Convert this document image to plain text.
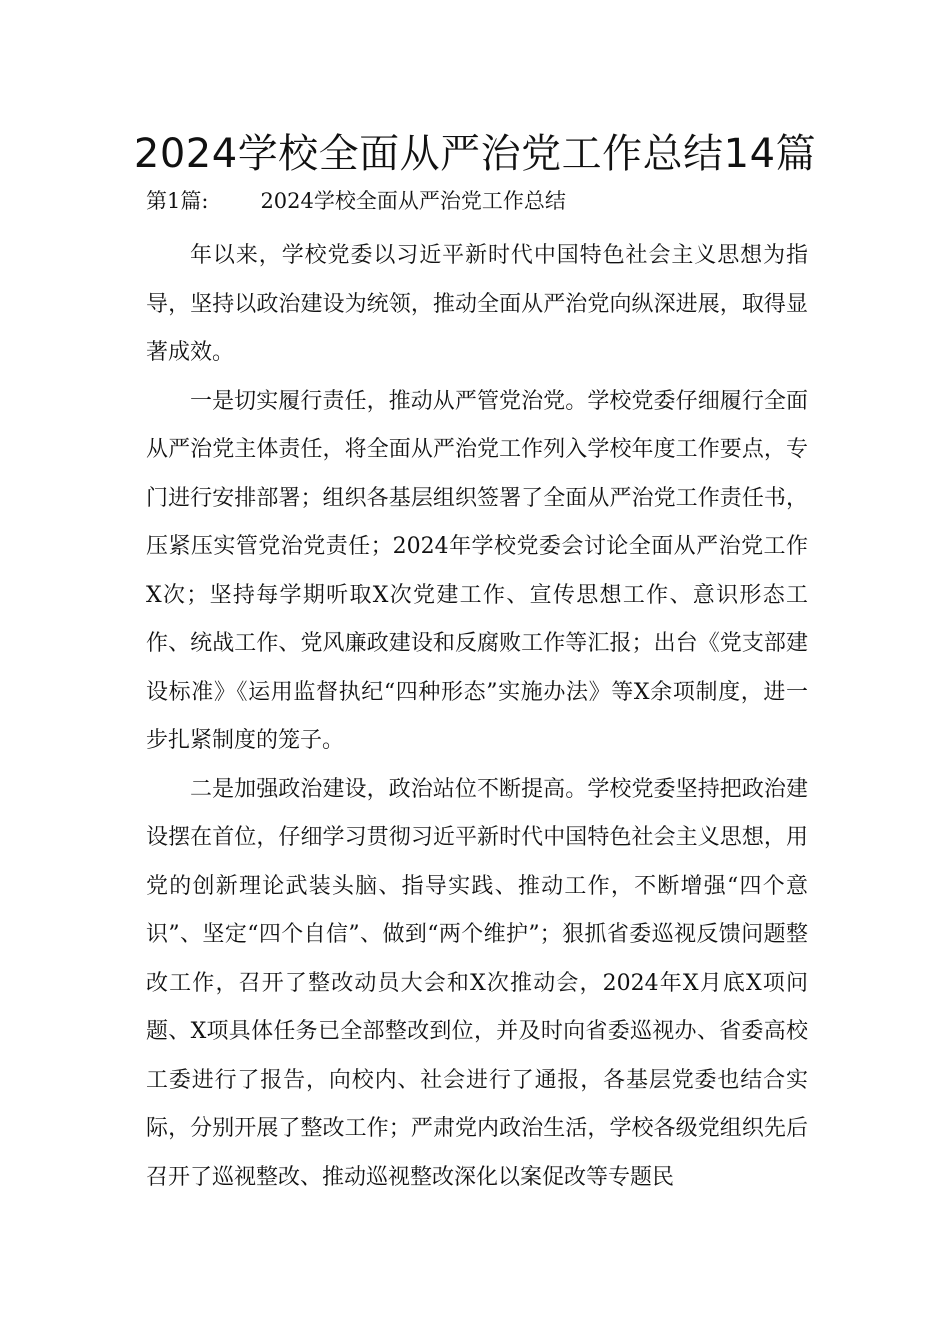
2024学校全面从严治党工作总结14篇
第1篇: 2024学校全面从严治党工作总结

年以来，学校党委以习近平新时代中国特色社会主义思想为指导，坚持以政治建设为统领，推动全面从严治党向纵深进展，取得显著成效。

一是切实履行责任，推动从严管党治党。学校党委仔细履行全面从严治党主体责任，将全面从严治党工作列入学校年度工作要点，专门进行安排部署；组织各基层组织签署了全面从严治党工作责任书，压紧压实管党治党责任；2024年学校党委会讨论全面从严治党工作X次；坚持每学期听取X次党建工作、宣传思想工作、意识形态工作、统战工作、党风廉政建设和反腐败工作等汇报；出台《党支部建设标准》《运用监督执纪“四种形态”实施办法》等X余项制度，进一步扎紧制度的笼子。

二是加强政治建设，政治站位不断提高。学校党委坚持把政治建设摆在首位，仔细学习贯彻习近平新时代中国特色社会主义思想，用党的创新理论武装头脑、指导实践、推动工作，不断增强“四个意识”、坚定“四个自信”、做到“两个维护”；狠抓省委巡视反馈问题整改工作，召开了整改动员大会和X次推动会，2024年X月底X项问题、X项具体任务已全部整改到位，并及时向省委巡视办、省委高校工委进行了报告，向校内、社会进行了通报，各基层党委也结合实际，分别开展了整改工作；严肃党内政治生活，学校各级党组织先后召开了巡视整改、推动巡视整改深化以案促改等专题民
